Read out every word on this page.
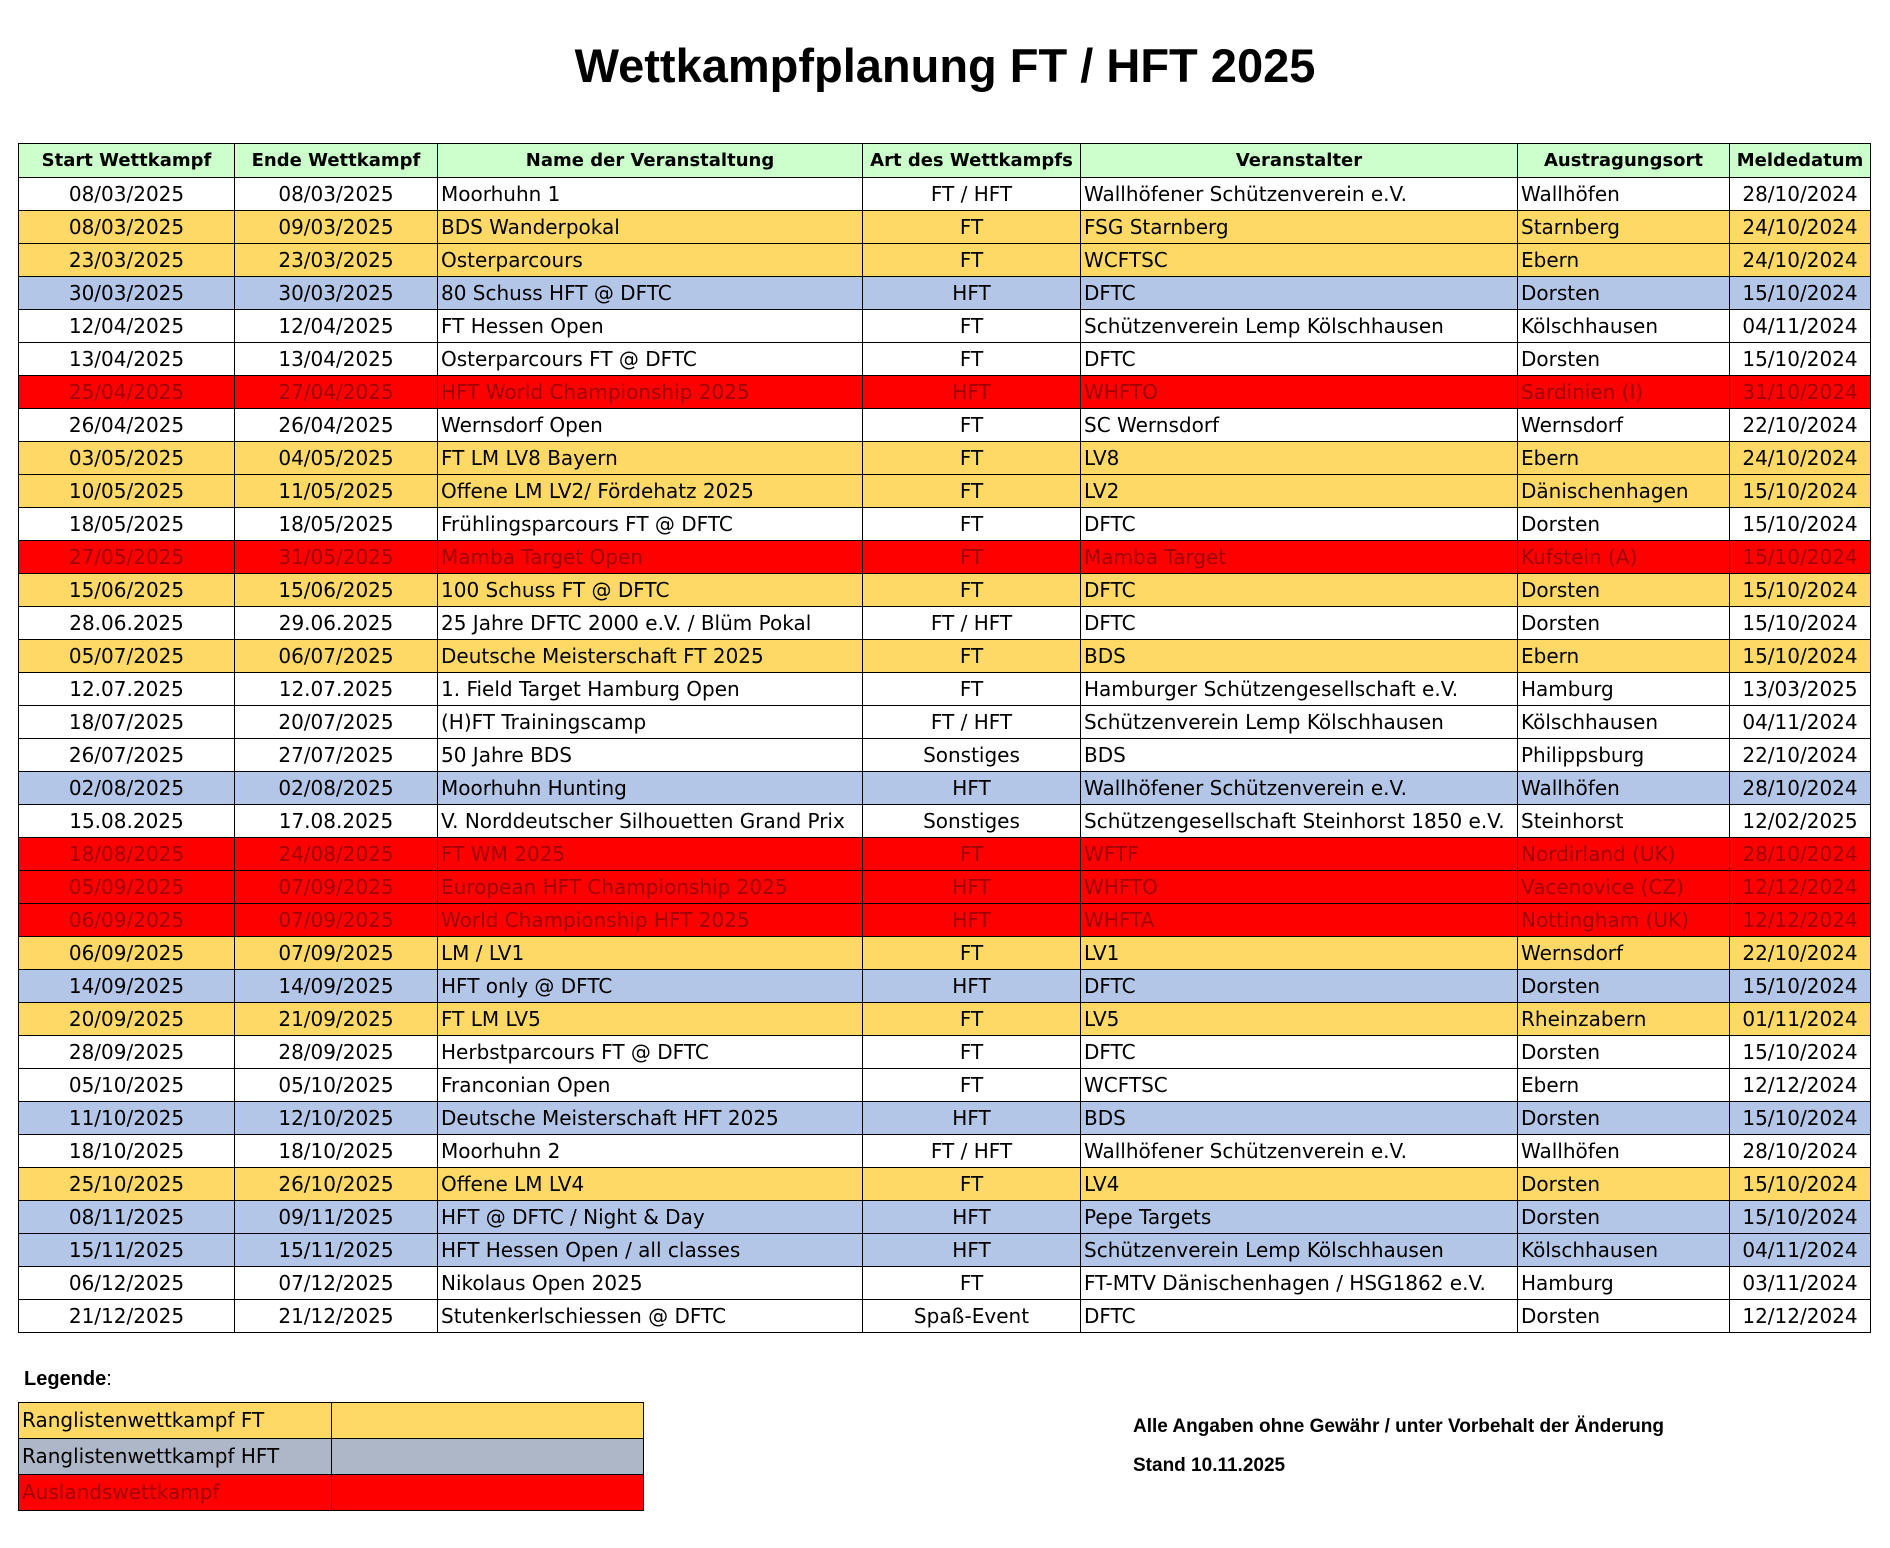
Wettkampfplanung FT / HFT 2025
Start Wettkampf	Ende Wettkampf	Name der Veranstaltung	Art des Wettkampfs	Veranstalter	Austragungsort	Meldedatum
08/03/2025	08/03/2025	Moorhuhn 1	FT / HFT	Wallhöfener Schützenverein e.V.	Wallhöfen	28/10/2024
08/03/2025	09/03/2025	BDS Wanderpokal	FT	FSG Starnberg	Starnberg	24/10/2024
23/03/2025	23/03/2025	Osterparcours	FT	WCFTSC	Ebern	24/10/2024
30/03/2025	30/03/2025	80 Schuss HFT @ DFTC	HFT	DFTC	Dorsten	15/10/2024
12/04/2025	12/04/2025	FT Hessen Open	FT	Schützenverein Lemp Kölschhausen	Kölschhausen	04/11/2024
13/04/2025	13/04/2025	Osterparcours FT @ DFTC	FT	DFTC	Dorsten	15/10/2024
25/04/2025	27/04/2025	HFT World Championship 2025	HFT	WHFTO	Sardinien (I)	31/10/2024
26/04/2025	26/04/2025	Wernsdorf Open	FT	SC Wernsdorf	Wernsdorf	22/10/2024
03/05/2025	04/05/2025	FT LM LV8 Bayern	FT	LV8	Ebern	24/10/2024
10/05/2025	11/05/2025	Offene LM LV2/ Fördehatz 2025	FT	LV2	Dänischenhagen	15/10/2024
18/05/2025	18/05/2025	Frühlingsparcours FT @ DFTC	FT	DFTC	Dorsten	15/10/2024
27/05/2025	31/05/2025	Mamba Target Open	FT	Mamba Target	Kufstein (A)	15/10/2024
15/06/2025	15/06/2025	100 Schuss FT @ DFTC	FT	DFTC	Dorsten	15/10/2024
28.06.2025	29.06.2025	25 Jahre DFTC 2000 e.V. / Blüm Pokal	FT / HFT	DFTC	Dorsten	15/10/2024
05/07/2025	06/07/2025	Deutsche Meisterschaft FT 2025	FT	BDS	Ebern	15/10/2024
12.07.2025	12.07.2025	1. Field Target Hamburg Open	FT	Hamburger Schützengesellschaft e.V.	Hamburg	13/03/2025
18/07/2025	20/07/2025	(H)FT Trainingscamp	FT / HFT	Schützenverein Lemp Kölschhausen	Kölschhausen	04/11/2024
26/07/2025	27/07/2025	50 Jahre BDS	Sonstiges	BDS	Philippsburg	22/10/2024
02/08/2025	02/08/2025	Moorhuhn Hunting	HFT	Wallhöfener Schützenverein e.V.	Wallhöfen	28/10/2024
15.08.2025	17.08.2025	V. Norddeutscher Silhouetten Grand Prix	Sonstiges	Schützengesellschaft Steinhorst 1850 e.V.	Steinhorst	12/02/2025
18/08/2025	24/08/2025	FT WM 2025	FT	WFTF	Nordirland (UK)	28/10/2024
05/09/2025	07/09/2025	European HFT Championship 2025	HFT	WHFTO	Vacenovice (CZ)	12/12/2024
06/09/2025	07/09/2025	World Championship HFT 2025	HFT	WHFTA	Nottingham (UK)	12/12/2024
06/09/2025	07/09/2025	LM / LV1	FT	LV1	Wernsdorf	22/10/2024
14/09/2025	14/09/2025	HFT only @ DFTC	HFT	DFTC	Dorsten	15/10/2024
20/09/2025	21/09/2025	FT LM LV5	FT	LV5	Rheinzabern	01/11/2024
28/09/2025	28/09/2025	Herbstparcours FT @ DFTC	FT	DFTC	Dorsten	15/10/2024
05/10/2025	05/10/2025	Franconian Open	FT	WCFTSC	Ebern	12/12/2024
11/10/2025	12/10/2025	Deutsche Meisterschaft HFT 2025	HFT	BDS	Dorsten	15/10/2024
18/10/2025	18/10/2025	Moorhuhn 2	FT / HFT	Wallhöfener Schützenverein e.V.	Wallhöfen	28/10/2024
25/10/2025	26/10/2025	Offene LM LV4	FT	LV4	Dorsten	15/10/2024
08/11/2025	09/11/2025	HFT @ DFTC / Night & Day	HFT	Pepe Targets	Dorsten	15/10/2024
15/11/2025	15/11/2025	HFT Hessen Open / all classes	HFT	Schützenverein Lemp Kölschhausen	Kölschhausen	04/11/2024
06/12/2025	07/12/2025	Nikolaus Open 2025	FT	FT-MTV Dänischenhagen / HSG1862 e.V.	Hamburg	03/11/2024
21/12/2025	21/12/2025	Stutenkerlschiessen @ DFTC	Spaß-Event	DFTC	Dorsten	12/12/2024
Legende:
Ranglistenwettkampf FT	
Ranglistenwettkampf HFT	
Auslandswettkampf	
Alle Angaben ohne Gewähr / unter Vorbehalt der Änderung
Stand 10.11.2025
